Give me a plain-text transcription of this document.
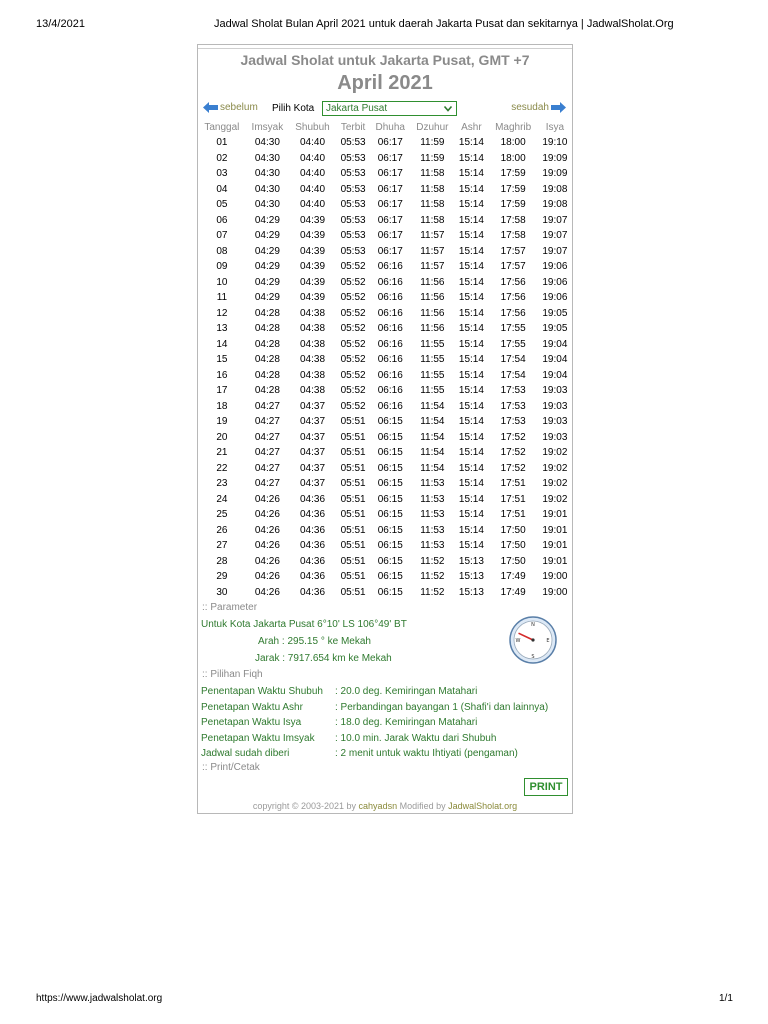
13/4/2021	Jadwal Sholat Bulan April 2021 untuk daerah Jakarta Pusat dan sekitarnya | JadwalSholat.Org
Jadwal Sholat untuk Jakarta Pusat, GMT +7
April 2021
sebelum Pilih Kota	Jakarta Pusat	sesudah
Tanggal	Imsyak	Shubuh	Terbit	Dhuha	Dzuhur	Ashr	Maghrib	Isya
01	04:30	04:40	05:53	06:17	11:59	15:14	18:00	19:10
02	04:30	04:40	05:53	06:17	11:59	15:14	18:00	19:09
03	04:30	04:40	05:53	06:17	11:58	15:14	17:59	19:09
04	04:30	04:40	05:53	06:17	11:58	15:14	17:59	19:08
05	04:30	04:40	05:53	06:17	11:58	15:14	17:59	19:08
06	04:29	04:39	05:53	06:17	11:58	15:14	17:58	19:07
07	04:29	04:39	05:53	06:17	11:57	15:14	17:58	19:07
08	04:29	04:39	05:53	06:17	11:57	15:14	17:57	19:07
09	04:29	04:39	05:52	06:16	11:57	15:14	17:57	19:06
10	04:29	04:39	05:52	06:16	11:56	15:14	17:56	19:06
11	04:29	04:39	05:52	06:16	11:56	15:14	17:56	19:06
12	04:28	04:38	05:52	06:16	11:56	15:14	17:56	19:05
13	04:28	04:38	05:52	06:16	11:56	15:14	17:55	19:05
14	04:28	04:38	05:52	06:16	11:55	15:14	17:55	19:04
15	04:28	04:38	05:52	06:16	11:55	15:14	17:54	19:04
16	04:28	04:38	05:52	06:16	11:55	15:14	17:54	19:04
17	04:28	04:38	05:52	06:16	11:55	15:14	17:53	19:03
18	04:27	04:37	05:52	06:16	11:54	15:14	17:53	19:03
19	04:27	04:37	05:51	06:15	11:54	15:14	17:53	19:03
20	04:27	04:37	05:51	06:15	11:54	15:14	17:52	19:03
21	04:27	04:37	05:51	06:15	11:54	15:14	17:52	19:02
22	04:27	04:37	05:51	06:15	11:54	15:14	17:52	19:02
23	04:27	04:37	05:51	06:15	11:53	15:14	17:51	19:02
24	04:26	04:36	05:51	06:15	11:53	15:14	17:51	19:02
25	04:26	04:36	05:51	06:15	11:53	15:14	17:51	19:01
26	04:26	04:36	05:51	06:15	11:53	15:14	17:50	19:01
27	04:26	04:36	05:51	06:15	11:53	15:14	17:50	19:01
28	04:26	04:36	05:51	06:15	11:52	15:13	17:50	19:01
29	04:26	04:36	05:51	06:15	11:52	15:13	17:49	19:00
30	04:26	04:36	05:51	06:15	11:52	15:13	17:49	19:00
:: Parameter
Untuk Kota Jakarta Pusat 6°10' LS 106°49' BT
Arah : 295.15 ° ke Mekah
Jarak : 7917.654 km ke Mekah
N
S
E
W
:: Pilihan Fiqh
Penentapan Waktu Shubuh : 20.0 deg. Kemiringan Matahari
Penetapan Waktu Ashr	: Perbandingan bayangan 1 (Shafi'i dan lainnya)
Penetapan Waktu Isya	: 18.0 deg. Kemiringan Matahari
Penetapan Waktu Imsyak : 10.0 min. Jarak Waktu dari Shubuh
Jadwal sudah diberi	: 2 menit untuk waktu Ihtiyati (pengaman)
:: Print/Cetak
PRINT
copyright © 2003-2021 by cahyadsn Modified by JadwalSholat.org
https://www.jadwalsholat.org	1/1
